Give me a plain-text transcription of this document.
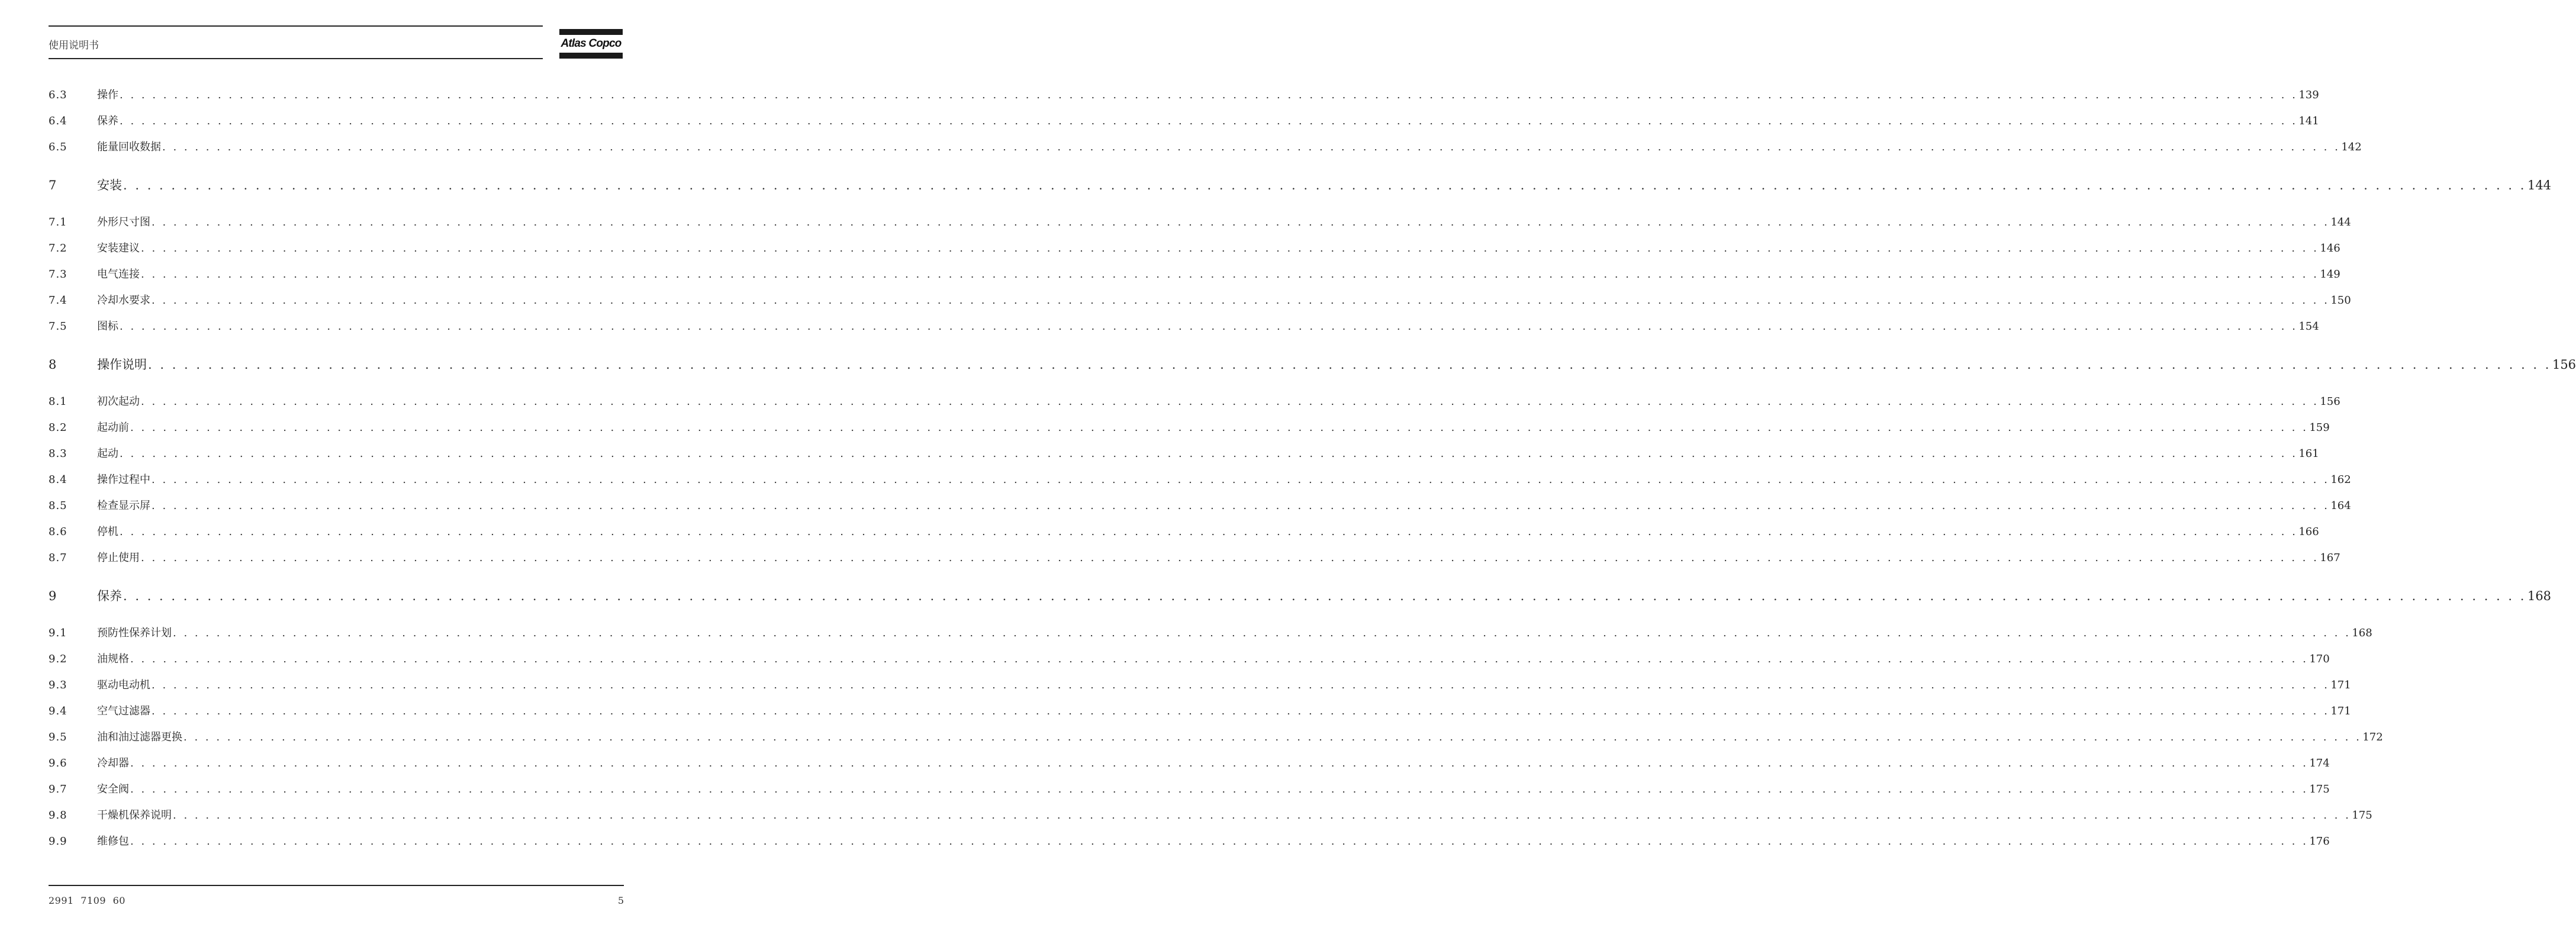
使用说明书	Atlas Copco
6.3	操作 . . . . . . . . . . . . . . . . . . . . . . . . . . . . . . . . . . . . . . . . . . . . . . . . . . . . . . . . . . . . . . . . . . . . . . . . . . . . . . . . . . . . . . . . . . . . . . . . . . . . . . . . . . . . . . . . . . . . . . . . . . . . . . . . . . . . . . . . . . . . . . . . . . . . . . . . . . . . . . . . . . . . . . . . . . . . . . . . . . . . . . . . . . . . . . . . . . . . . . . . 139
6.4	保养 . . . . . . . . . . . . . . . . . . . . . . . . . . . . . . . . . . . . . . . . . . . . . . . . . . . . . . . . . . . . . . . . . . . . . . . . . . . . . . . . . . . . . . . . . . . . . . . . . . . . . . . . . . . . . . . . . . . . . . . . . . . . . . . . . . . . . . . . . . . . . . . . . . . . . . . . . . . . . . . . . . . . . . . . . . . . . . . . . . . . . . . . . . . . . . . . . . . . . . . . 141
6.5	能量回收数据 . . . . . . . . . . . . . . . . . . . . . . . . . . . . . . . . . . . . . . . . . . . . . . . . . . . . . . . . . . . . . . . . . . . . . . . . . . . . . . . . . . . . . . . . . . . . . . . . . . . . . . . . . . . . . . . . . . . . . . . . . . . . . . . . . . . . . . . . . . . . . . . . . . . . . . . . . . . . . . . . . . . . . . . . . . . . . . . . . . . . . . . . . . . . . . . . . . . . . . . . 142
7	安装 . . . . . . . . . . . . . . . . . . . . . . . . . . . . . . . . . . . . . . . . . . . . . . . . . . . . . . . . . . . . . . . . . . . . . . . . . . . . . . . . . . . . . . . . . . . . . . . . . . . . . . . . . . . . . . . . . . . . . . . . . . . . . . . . . . . . . . . . . . . . . . . . . . . . . . . . . . . . . . . . . . . . . . . . . . . . . . . . . . . . . . . . . . . . . . . . . . . . . . . . 144
7.1	外形尺寸图 . . . . . . . . . . . . . . . . . . . . . . . . . . . . . . . . . . . . . . . . . . . . . . . . . . . . . . . . . . . . . . . . . . . . . . . . . . . . . . . . . . . . . . . . . . . . . . . . . . . . . . . . . . . . . . . . . . . . . . . . . . . . . . . . . . . . . . . . . . . . . . . . . . . . . . . . . . . . . . . . . . . . . . . . . . . . . . . . . . . . . . . . . . . . . . . . . . . . . . . . 144
7.2	安装建议 . . . . . . . . . . . . . . . . . . . . . . . . . . . . . . . . . . . . . . . . . . . . . . . . . . . . . . . . . . . . . . . . . . . . . . . . . . . . . . . . . . . . . . . . . . . . . . . . . . . . . . . . . . . . . . . . . . . . . . . . . . . . . . . . . . . . . . . . . . . . . . . . . . . . . . . . . . . . . . . . . . . . . . . . . . . . . . . . . . . . . . . . . . . . . . . . . . . . . . . . 146
7.3	电气连接 . . . . . . . . . . . . . . . . . . . . . . . . . . . . . . . . . . . . . . . . . . . . . . . . . . . . . . . . . . . . . . . . . . . . . . . . . . . . . . . . . . . . . . . . . . . . . . . . . . . . . . . . . . . . . . . . . . . . . . . . . . . . . . . . . . . . . . . . . . . . . . . . . . . . . . . . . . . . . . . . . . . . . . . . . . . . . . . . . . . . . . . . . . . . . . . . . . . . . . . . 149
7.4	冷却水要求 . . . . . . . . . . . . . . . . . . . . . . . . . . . . . . . . . . . . . . . . . . . . . . . . . . . . . . . . . . . . . . . . . . . . . . . . . . . . . . . . . . . . . . . . . . . . . . . . . . . . . . . . . . . . . . . . . . . . . . . . . . . . . . . . . . . . . . . . . . . . . . . . . . . . . . . . . . . . . . . . . . . . . . . . . . . . . . . . . . . . . . . . . . . . . . . . . . . . . . . . 150
7.5	图标 . . . . . . . . . . . . . . . . . . . . . . . . . . . . . . . . . . . . . . . . . . . . . . . . . . . . . . . . . . . . . . . . . . . . . . . . . . . . . . . . . . . . . . . . . . . . . . . . . . . . . . . . . . . . . . . . . . . . . . . . . . . . . . . . . . . . . . . . . . . . . . . . . . . . . . . . . . . . . . . . . . . . . . . . . . . . . . . . . . . . . . . . . . . . . . . . . . . . . . . . 154
8	操作说明 . . . . . . . . . . . . . . . . . . . . . . . . . . . . . . . . . . . . . . . . . . . . . . . . . . . . . . . . . . . . . . . . . . . . . . . . . . . . . . . . . . . . . . . . . . . . . . . . . . . . . . . . . . . . . . . . . . . . . . . . . . . . . . . . . . . . . . . . . . . . . . . . . . . . . . . . . . . . . . . . . . . . . . . . . . . . . . . . . . . . . . . . . . . . . . . . . . . . . . . . 156
8.1	初次起动 . . . . . . . . . . . . . . . . . . . . . . . . . . . . . . . . . . . . . . . . . . . . . . . . . . . . . . . . . . . . . . . . . . . . . . . . . . . . . . . . . . . . . . . . . . . . . . . . . . . . . . . . . . . . . . . . . . . . . . . . . . . . . . . . . . . . . . . . . . . . . . . . . . . . . . . . . . . . . . . . . . . . . . . . . . . . . . . . . . . . . . . . . . . . . . . . . . . . . . . . 156
8.2	起动前 . . . . . . . . . . . . . . . . . . . . . . . . . . . . . . . . . . . . . . . . . . . . . . . . . . . . . . . . . . . . . . . . . . . . . . . . . . . . . . . . . . . . . . . . . . . . . . . . . . . . . . . . . . . . . . . . . . . . . . . . . . . . . . . . . . . . . . . . . . . . . . . . . . . . . . . . . . . . . . . . . . . . . . . . . . . . . . . . . . . . . . . . . . . . . . . . . . . . . . . . 159
8.3	起动 . . . . . . . . . . . . . . . . . . . . . . . . . . . . . . . . . . . . . . . . . . . . . . . . . . . . . . . . . . . . . . . . . . . . . . . . . . . . . . . . . . . . . . . . . . . . . . . . . . . . . . . . . . . . . . . . . . . . . . . . . . . . . . . . . . . . . . . . . . . . . . . . . . . . . . . . . . . . . . . . . . . . . . . . . . . . . . . . . . . . . . . . . . . . . . . . . . . . . . . . 161
8.4	操作过程中 . . . . . . . . . . . . . . . . . . . . . . . . . . . . . . . . . . . . . . . . . . . . . . . . . . . . . . . . . . . . . . . . . . . . . . . . . . . . . . . . . . . . . . . . . . . . . . . . . . . . . . . . . . . . . . . . . . . . . . . . . . . . . . . . . . . . . . . . . . . . . . . . . . . . . . . . . . . . . . . . . . . . . . . . . . . . . . . . . . . . . . . . . . . . . . . . . . . . . . . . 162
8.5	检查显示屏 . . . . . . . . . . . . . . . . . . . . . . . . . . . . . . . . . . . . . . . . . . . . . . . . . . . . . . . . . . . . . . . . . . . . . . . . . . . . . . . . . . . . . . . . . . . . . . . . . . . . . . . . . . . . . . . . . . . . . . . . . . . . . . . . . . . . . . . . . . . . . . . . . . . . . . . . . . . . . . . . . . . . . . . . . . . . . . . . . . . . . . . . . . . . . . . . . . . . . . . . 164
8.6	停机 . . . . . . . . . . . . . . . . . . . . . . . . . . . . . . . . . . . . . . . . . . . . . . . . . . . . . . . . . . . . . . . . . . . . . . . . . . . . . . . . . . . . . . . . . . . . . . . . . . . . . . . . . . . . . . . . . . . . . . . . . . . . . . . . . . . . . . . . . . . . . . . . . . . . . . . . . . . . . . . . . . . . . . . . . . . . . . . . . . . . . . . . . . . . . . . . . . . . . . . . 166
8.7	停止使用 . . . . . . . . . . . . . . . . . . . . . . . . . . . . . . . . . . . . . . . . . . . . . . . . . . . . . . . . . . . . . . . . . . . . . . . . . . . . . . . . . . . . . . . . . . . . . . . . . . . . . . . . . . . . . . . . . . . . . . . . . . . . . . . . . . . . . . . . . . . . . . . . . . . . . . . . . . . . . . . . . . . . . . . . . . . . . . . . . . . . . . . . . . . . . . . . . . . . . . . . 167
9	保养 . . . . . . . . . . . . . . . . . . . . . . . . . . . . . . . . . . . . . . . . . . . . . . . . . . . . . . . . . . . . . . . . . . . . . . . . . . . . . . . . . . . . . . . . . . . . . . . . . . . . . . . . . . . . . . . . . . . . . . . . . . . . . . . . . . . . . . . . . . . . . . . . . . . . . . . . . . . . . . . . . . . . . . . . . . . . . . . . . . . . . . . . . . . . . . . . . . . . . . . . 168
9.1	预防性保养计划 . . . . . . . . . . . . . . . . . . . . . . . . . . . . . . . . . . . . . . . . . . . . . . . . . . . . . . . . . . . . . . . . . . . . . . . . . . . . . . . . . . . . . . . . . . . . . . . . . . . . . . . . . . . . . . . . . . . . . . . . . . . . . . . . . . . . . . . . . . . . . . . . . . . . . . . . . . . . . . . . . . . . . . . . . . . . . . . . . . . . . . . . . . . . . . . . . . . . . . . . 168
9.2	油规格 . . . . . . . . . . . . . . . . . . . . . . . . . . . . . . . . . . . . . . . . . . . . . . . . . . . . . . . . . . . . . . . . . . . . . . . . . . . . . . . . . . . . . . . . . . . . . . . . . . . . . . . . . . . . . . . . . . . . . . . . . . . . . . . . . . . . . . . . . . . . . . . . . . . . . . . . . . . . . . . . . . . . . . . . . . . . . . . . . . . . . . . . . . . . . . . . . . . . . . . . 170
9.3	驱动电动机 . . . . . . . . . . . . . . . . . . . . . . . . . . . . . . . . . . . . . . . . . . . . . . . . . . . . . . . . . . . . . . . . . . . . . . . . . . . . . . . . . . . . . . . . . . . . . . . . . . . . . . . . . . . . . . . . . . . . . . . . . . . . . . . . . . . . . . . . . . . . . . . . . . . . . . . . . . . . . . . . . . . . . . . . . . . . . . . . . . . . . . . . . . . . . . . . . . . . . . . . 171
9.4	空气过滤器 . . . . . . . . . . . . . . . . . . . . . . . . . . . . . . . . . . . . . . . . . . . . . . . . . . . . . . . . . . . . . . . . . . . . . . . . . . . . . . . . . . . . . . . . . . . . . . . . . . . . . . . . . . . . . . . . . . . . . . . . . . . . . . . . . . . . . . . . . . . . . . . . . . . . . . . . . . . . . . . . . . . . . . . . . . . . . . . . . . . . . . . . . . . . . . . . . . . . . . . . 171
9.5	油和油过滤器更换 . . . . . . . . . . . . . . . . . . . . . . . . . . . . . . . . . . . . . . . . . . . . . . . . . . . . . . . . . . . . . . . . . . . . . . . . . . . . . . . . . . . . . . . . . . . . . . . . . . . . . . . . . . . . . . . . . . . . . . . . . . . . . . . . . . . . . . . . . . . . . . . . . . . . . . . . . . . . . . . . . . . . . . . . . . . . . . . . . . . . . . . . . . . . . . . . . . . . . . . . 172
9.6	冷却器 . . . . . . . . . . . . . . . . . . . . . . . . . . . . . . . . . . . . . . . . . . . . . . . . . . . . . . . . . . . . . . . . . . . . . . . . . . . . . . . . . . . . . . . . . . . . . . . . . . . . . . . . . . . . . . . . . . . . . . . . . . . . . . . . . . . . . . . . . . . . . . . . . . . . . . . . . . . . . . . . . . . . . . . . . . . . . . . . . . . . . . . . . . . . . . . . . . . . . . . . 174
9.7	安全阀 . . . . . . . . . . . . . . . . . . . . . . . . . . . . . . . . . . . . . . . . . . . . . . . . . . . . . . . . . . . . . . . . . . . . . . . . . . . . . . . . . . . . . . . . . . . . . . . . . . . . . . . . . . . . . . . . . . . . . . . . . . . . . . . . . . . . . . . . . . . . . . . . . . . . . . . . . . . . . . . . . . . . . . . . . . . . . . . . . . . . . . . . . . . . . . . . . . . . . . . . 175
9.8	干燥机保养说明 . . . . . . . . . . . . . . . . . . . . . . . . . . . . . . . . . . . . . . . . . . . . . . . . . . . . . . . . . . . . . . . . . . . . . . . . . . . . . . . . . . . . . . . . . . . . . . . . . . . . . . . . . . . . . . . . . . . . . . . . . . . . . . . . . . . . . . . . . . . . . . . . . . . . . . . . . . . . . . . . . . . . . . . . . . . . . . . . . . . . . . . . . . . . . . . . . . . . . . . . 175
9.9	维修包 . . . . . . . . . . . . . . . . . . . . . . . . . . . . . . . . . . . . . . . . . . . . . . . . . . . . . . . . . . . . . . . . . . . . . . . . . . . . . . . . . . . . . . . . . . . . . . . . . . . . . . . . . . . . . . . . . . . . . . . . . . . . . . . . . . . . . . . . . . . . . . . . . . . . . . . . . . . . . . . . . . . . . . . . . . . . . . . . . . . . . . . . . . . . . . . . . . . . . . . . 176
2991 7109 60	5
